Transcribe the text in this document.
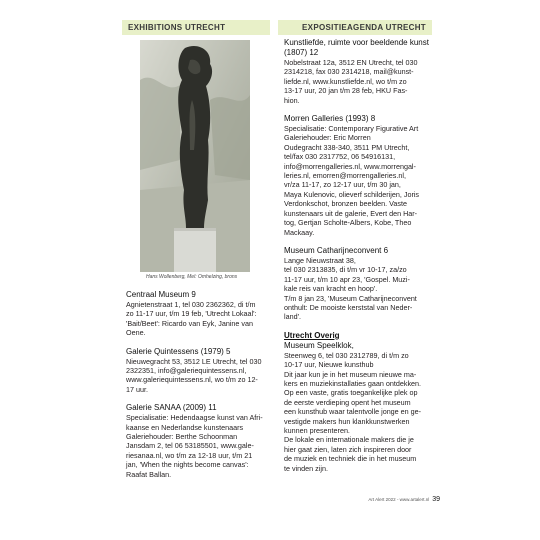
EXHIBITIONS UTRECHT	EXPOSITIEAGENDA UTRECHT
Hans Wollenberg, Mel: Omhelzing, brons
Centraal Museum 9
Agnietenstraat 1, tel 030 2362362, di t/m
zo 11-17 uur, t/m 19 feb, 'Utrecht Lokaal':
'Bait/Beet': Ricardo van Eyk, Janine van
Oene.
Galerie Quintessens (1979) 5
Nieuwegracht 53, 3512 LE Utrecht, tel 030
2322351, info@galeriequintessens.nl,
www.galeriequintessens.nl, wo t/m zo 12-
17 uur.
Galerie SANAA (2009) 11
Specialisatie: Hedendaagse kunst van Afri-
kaanse en Nederlandse kunstenaars
Galeriehouder: Berthe Schoonman
Jansdam 2, tel 06 53185501, www.gale-
riesanaa.nl, wo t/m za 12-18 uur, t/m 21
jan, 'When the nights become canvas':
Raafat Ballan.
Kunstliefde, ruimte voor beeldende kunst
(1807) 12
Nobelstraat 12a, 3512 EN Utrecht, tel 030
2314218, fax 030 2314218, mail@kunst-
liefde.nl, www.kunstliefde.nl, wo t/m zo
13-17 uur, 20 jan t/m 28 feb, HKU Fas-
hion.
Morren Galleries (1993) 8
Specialisatie: Contemporary Figurative Art
Galeriehouder: Eric Morren
Oudegracht 338-340, 3511 PM Utrecht,
tel/fax 030 2317752, 06 54916131,
info@morrengalleries.nl, www.morrengal-
leries.nl, emorren@morrengalleries.nl,
vr/za 11-17, zo 12-17 uur, t/m 30 jan,
Maya Kulenovic, olieverf schilderijen, Joris
Verdonkschot, bronzen beelden. Vaste
kunstenaars uit de galerie, Evert den Har-
tog, Gertjan Scholte-Albers, Kobe, Theo
Mackaay.
Museum Catharijneconvent 6
Lange Nieuwstraat 38,
tel 030 2313835, di t/m vr 10-17, za/zo
11-17 uur, t/m 10 apr 23, 'Gospel. Muzi-
kale reis van kracht en hoop'.
T/m 8 jan 23, 'Museum Catharijneconvent
onthult: De mooiste kerststal van Neder-
land'.
Utrecht Overig
Museum Speelklok,
Steenweg 6, tel 030 2312789, di t/m zo
10-17 uur, Nieuwe kunsthub
Dit jaar kun je in het museum nieuwe ma-
kers en muziekinstallaties gaan ontdekken.
Op een vaste, gratis toegankelijke plek op
de eerste verdieping opent het museum
een kunsthub waar talentvolle jonge en ge-
vestigde makers hun klankkunstwerken
kunnen presenteren.
De lokale en internationale makers die je
hier gaat zien, laten zich inspireren door
de muziek en techniek die in het museum
te vinden zijn.
Art Alert 2022 - www.artalert.nl 39
